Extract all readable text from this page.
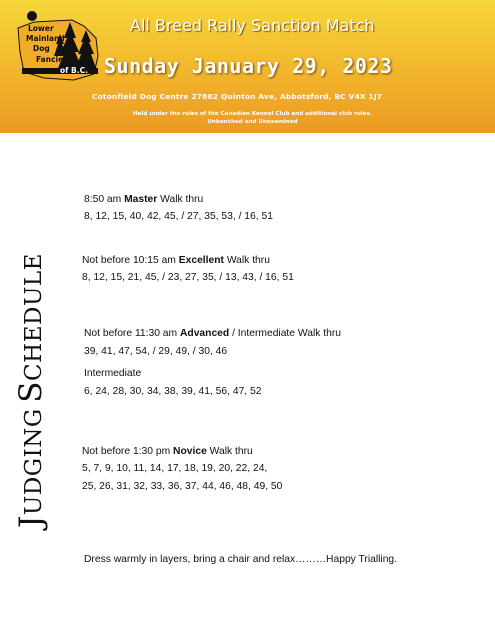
Lower
Mainland
Dog
Fanciers
of B.C.
All Breed Rally Sanction Match
Sunday January 29, 2023
Cotonfield Dog Centre 27882 Quinton Ave, Abbotsford, BC V4X 1J7
Held under the rules of the Canadian Kennel Club and additional club rules.
Unbenched and Unexamined
JUDGING SCHEDULE
8:50 am Master Walk thru
8, 12, 15, 40, 42, 45, / 27, 35, 53, / 16, 51
Not before 10:15 am Excellent Walk thru
8, 12, 15, 21, 45, / 23, 27, 35, / 13, 43, / 16, 51
Not before 11:30 am Advanced / Intermediate Walk thru
39, 41, 47, 54, / 29, 49, / 30, 46
Intermediate
6, 24, 28, 30, 34, 38, 39, 41, 56, 47, 52
Not before 1:30 pm Novice Walk thru
5, 7, 9, 10, 11, 14, 17, 18, 19, 20, 22, 24,
25, 26, 31, 32, 33, 36, 37, 44, 46, 48, 49, 50
Dress warmly in layers, bring a chair and relax………Happy Trialling.
